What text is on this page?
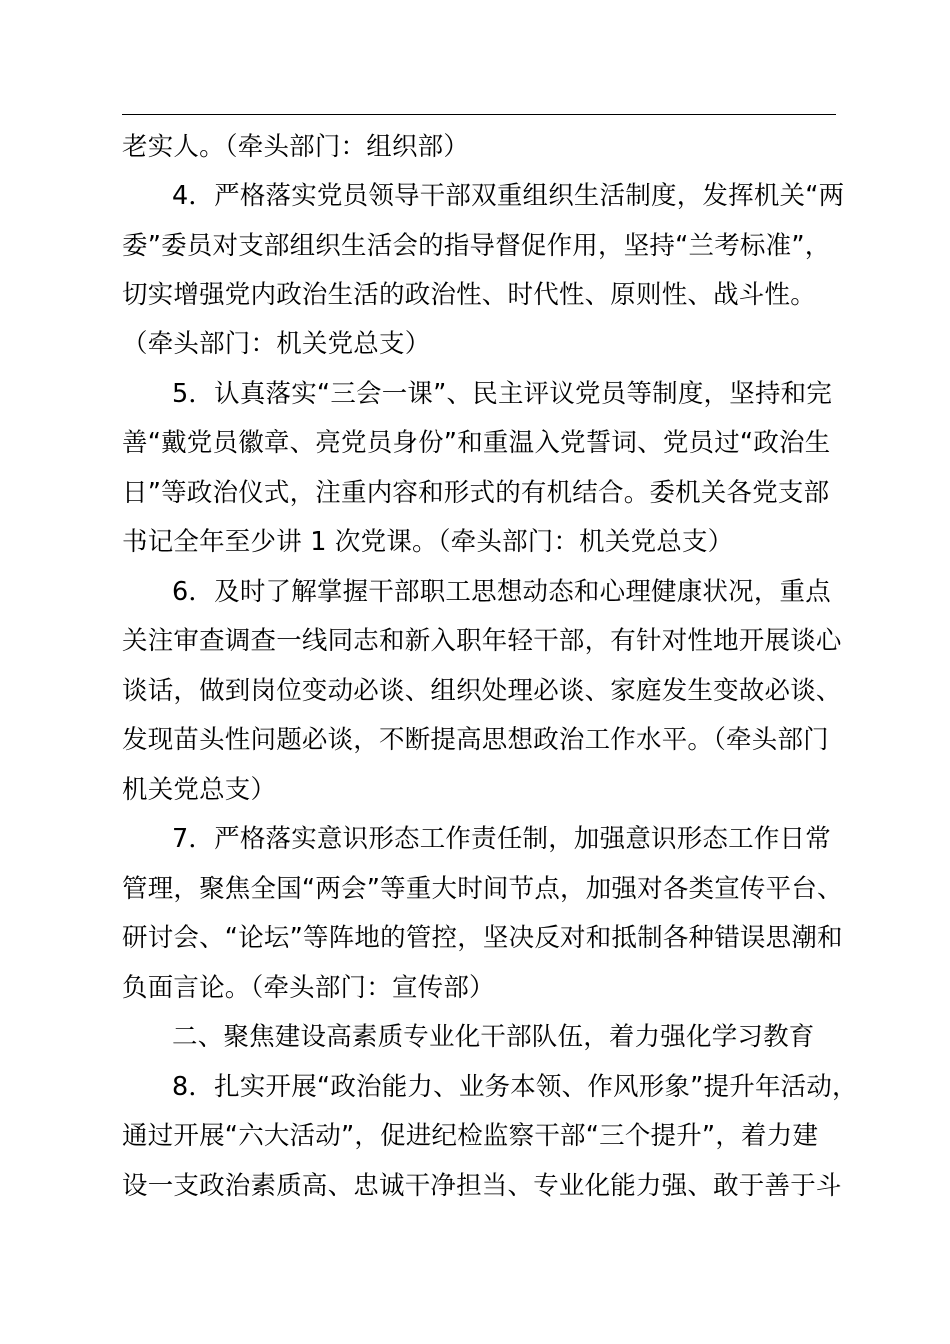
老实人。（牵头部门：组织部）
4．严格落实党员领导干部双重组织生活制度，发挥机关“两
委”委员对支部组织生活会的指导督促作用，坚持“兰考标准”，
切实增强党内政治生活的政治性、时代性、原则性、战斗性。
（牵头部门：机关党总支）
5．认真落实“三会一课”、民主评议党员等制度，坚持和完
善“戴党员徽章、亮党员身份”和重温入党誓词、党员过“政治生
日”等政治仪式，注重内容和形式的有机结合。委机关各党支部
书记全年至少讲 1 次党课。（牵头部门：机关党总支）
6．及时了解掌握干部职工思想动态和心理健康状况，重点
关注审查调查一线同志和新入职年轻干部，有针对性地开展谈心
谈话，做到岗位变动必谈、组织处理必谈、家庭发生变故必谈、
发现苗头性问题必谈，不断提高思想政治工作水平。（牵头部门
机关党总支）
7．严格落实意识形态工作责任制，加强意识形态工作日常
管理，聚焦全国“两会”等重大时间节点，加强对各类宣传平台、
研讨会、“论坛”等阵地的管控，坚决反对和抵制各种错误思潮和
负面言论。（牵头部门：宣传部）
二、聚焦建设高素质专业化干部队伍，着力强化学习教育
8．扎实开展“政治能力、业务本领、作风形象”提升年活动，
通过开展“六大活动”，促进纪检监察干部“三个提升”，着力建
设一支政治素质高、忠诚干净担当、专业化能力强、敢于善于斗
